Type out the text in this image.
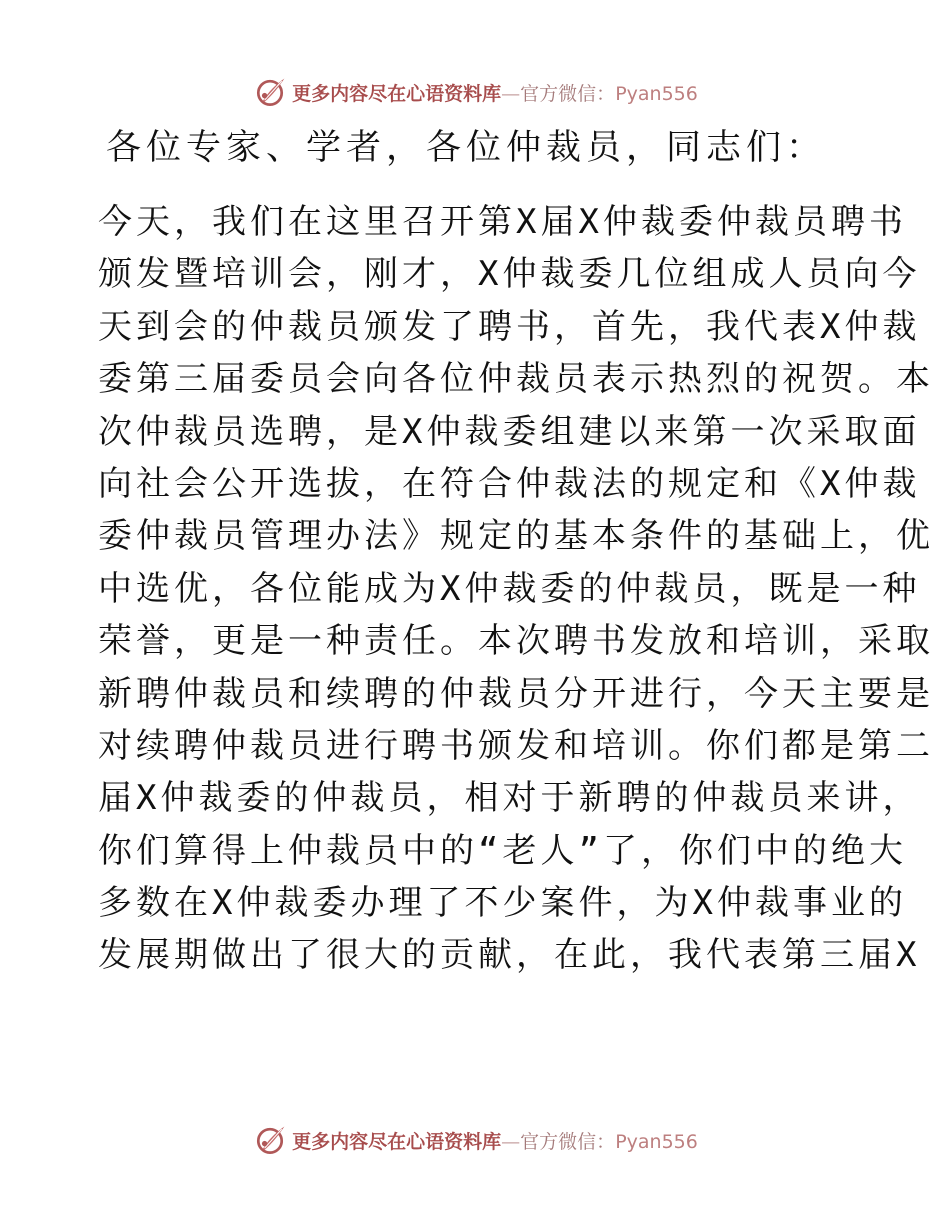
更多内容尽在心语资料库—官方微信：Pyan556
各位专家、学者，各位仲裁员，同志们：
今天，我们在这里召开第X届X仲裁委仲裁员聘书
颁发暨培训会，刚才，X仲裁委几位组成人员向今
天到会的仲裁员颁发了聘书，首先，我代表X仲裁
委第三届委员会向各位仲裁员表示热烈的祝贺。本
次仲裁员选聘，是X仲裁委组建以来第一次采取面
向社会公开选拔，在符合仲裁法的规定和《X仲裁
委仲裁员管理办法》规定的基本条件的基础上，优
中选优，各位能成为X仲裁委的仲裁员，既是一种
荣誉，更是一种责任。本次聘书发放和培训，采取
新聘仲裁员和续聘的仲裁员分开进行，今天主要是
对续聘仲裁员进行聘书颁发和培训。你们都是第二
届X仲裁委的仲裁员，相对于新聘的仲裁员来讲，
你们算得上仲裁员中的“老人”了，你们中的绝大
多数在X仲裁委办理了不少案件，为X仲裁事业的
发展期做出了很大的贡献，在此，我代表第三届X
更多内容尽在心语资料库—官方微信：Pyan556
